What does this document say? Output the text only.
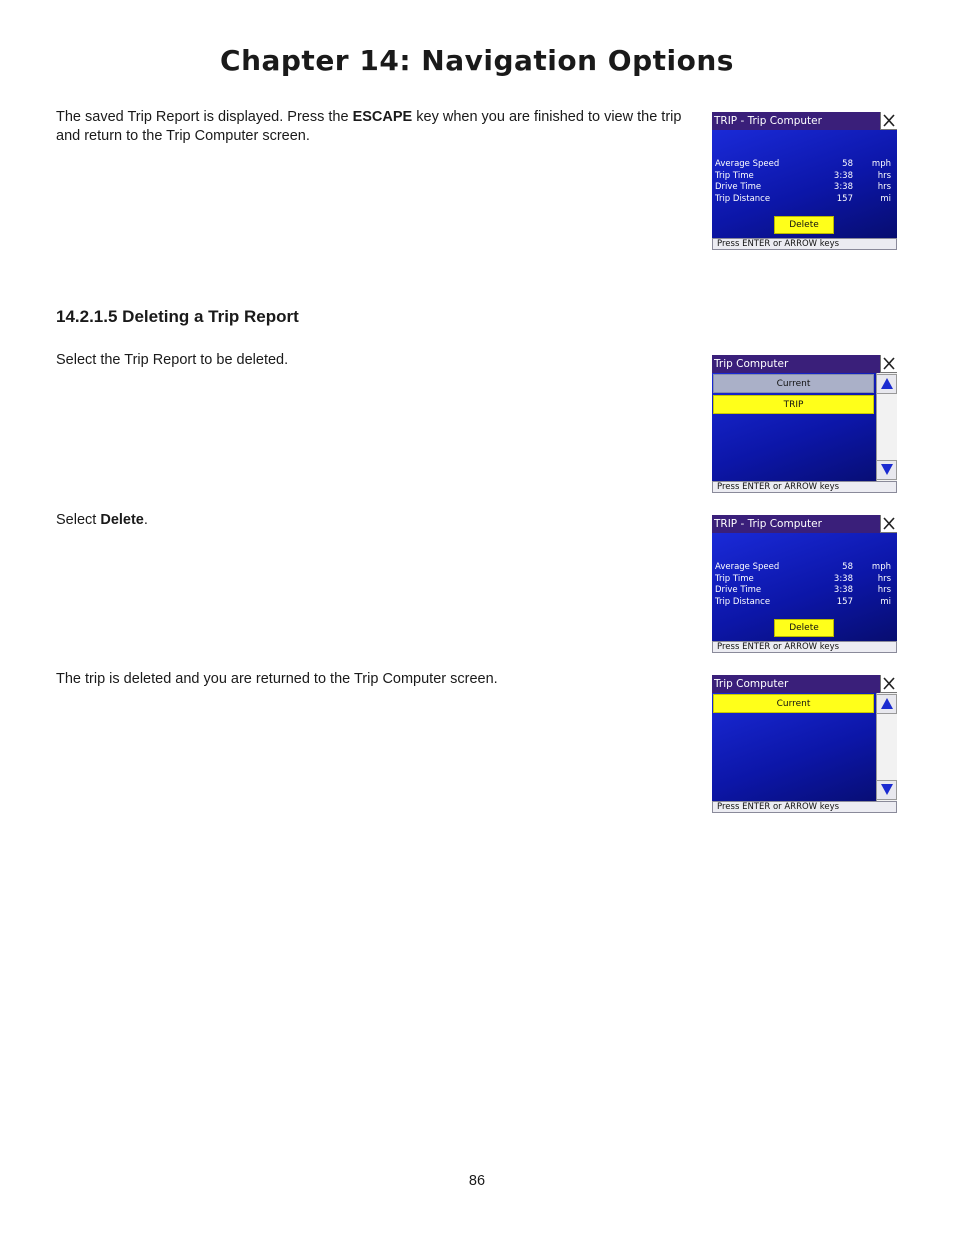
Chapter 14: Navigation Options

The saved Trip Report is displayed. Press the ESCAPE key when you are finished to view the trip and return to the Trip Computer screen.

TRIP - Trip Computer
Average Speed	58 mph
Trip Time	3:38	hrs
Drive Time	3:38	hrs
Trip Distance	157	mi
Delete
Press ENTER or ARROW keys
14.2.1.5 Deleting a Trip Report

Select the Trip Report to be deleted.	Trip Computer
Current
TRIP
Press ENTER or ARROW keys

Select Delete.	TRIP - Trip Computer
Average Speed	58 mph
Trip Time	3:38	hrs
Drive Time	3:38	hrs
Trip Distance	157	mi
Delete
Press ENTER or ARROW keys

The trip is deleted and you are returned to the Trip Computer screen.	Trip Computer
Current
Press ENTER or ARROW keys
86
